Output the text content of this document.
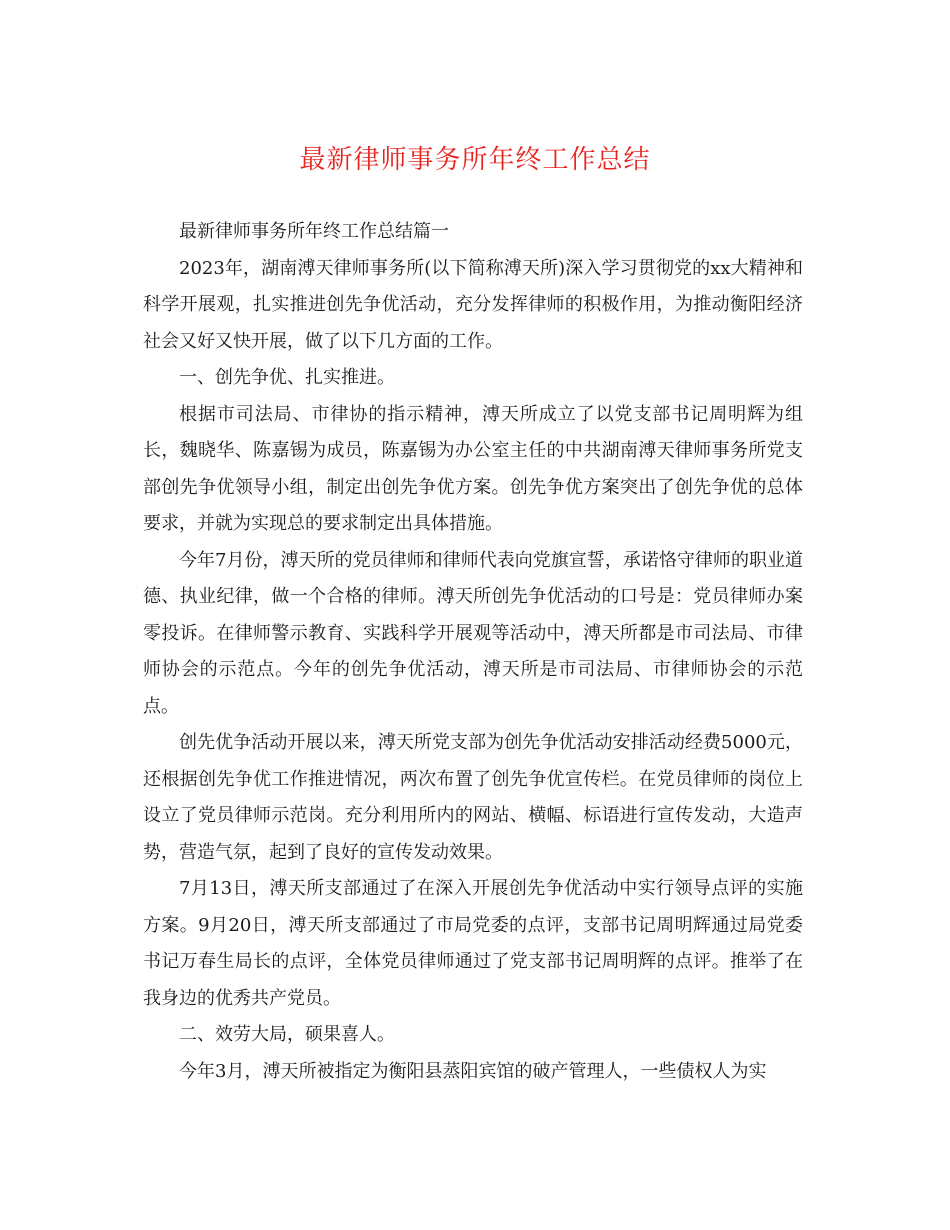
最新律师事务所年终工作总结

最新律师事务所年终工作总结篇一

2023年，湖南溥天律师事务所(以下简称溥天所)深入学习贯彻党的xx大精神和科学开展观，扎实推进创先争优活动，充分发挥律师的积极作用，为推动衡阳经济社会又好又快开展，做了以下几方面的工作。

一、创先争优、扎实推进。

根据市司法局、市律协的指示精神，溥天所成立了以党支部书记周明辉为组长，魏晓华、陈嘉锡为成员，陈嘉锡为办公室主任的中共湖南溥天律师事务所党支部创先争优领导小组，制定出创先争优方案。创先争优方案突出了创先争优的总体要求，并就为实现总的要求制定出具体措施。

今年7月份，溥天所的党员律师和律师代表向党旗宣誓，承诺恪守律师的职业道德、执业纪律，做一个合格的律师。溥天所创先争优活动的口号是：党员律师办案零投诉。在律师警示教育、实践科学开展观等活动中，溥天所都是市司法局、市律师协会的示范点。今年的创先争优活动，溥天所是市司法局、市律师协会的示范点。

创先优争活动开展以来，溥天所党支部为创先争优活动安排活动经费5000元，还根据创先争优工作推进情况，两次布置了创先争优宣传栏。在党员律师的岗位上设立了党员律师示范岗。充分利用所内的网站、横幅、标语进行宣传发动，大造声势，营造气氛，起到了良好的宣传发动效果。

7月13日，溥天所支部通过了在深入开展创先争优活动中实行领导点评的实施方案。9月20日，溥天所支部通过了市局党委的点评，支部书记周明辉通过局党委书记万春生局长的点评，全体党员律师通过了党支部书记周明辉的点评。推举了在我身边的优秀共产党员。

二、效劳大局，硕果喜人。

今年3月，溥天所被指定为衡阳县蒸阳宾馆的破产管理人，一些债权人为实
